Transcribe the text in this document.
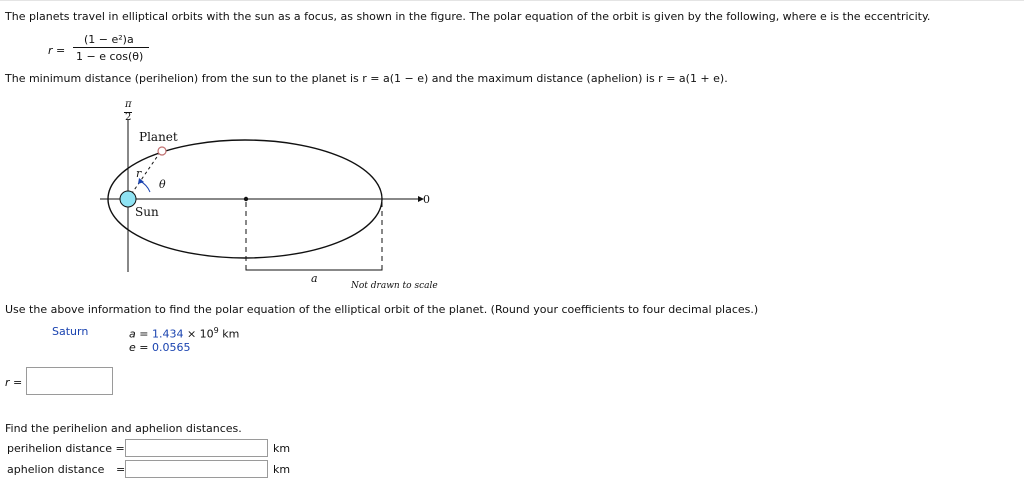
The planets travel in elliptical orbits with the sun as a focus, as shown in the figure. The polar equation of the orbit is given by the following, where e is the eccentricity.
r =
(1 − e²)a
1 − e cos(θ)
The minimum distance (perihelion) from the sun to the planet is r = a(1 − e) and the maximum distance (aphelion) is r = a(1 + e).
π
2
Planet
r
θ
Sun
0
a
Not drawn to scale
Use the above information to find the polar equation of the elliptical orbit of the planet. (Round your coefficients to four decimal places.)
Saturn	$a = 1.434 \times 10^9$ km
e = 0.0565
r =
Find the perihelion and aphelion distances.
perihelion distance =	km
aphelion distance =	km
